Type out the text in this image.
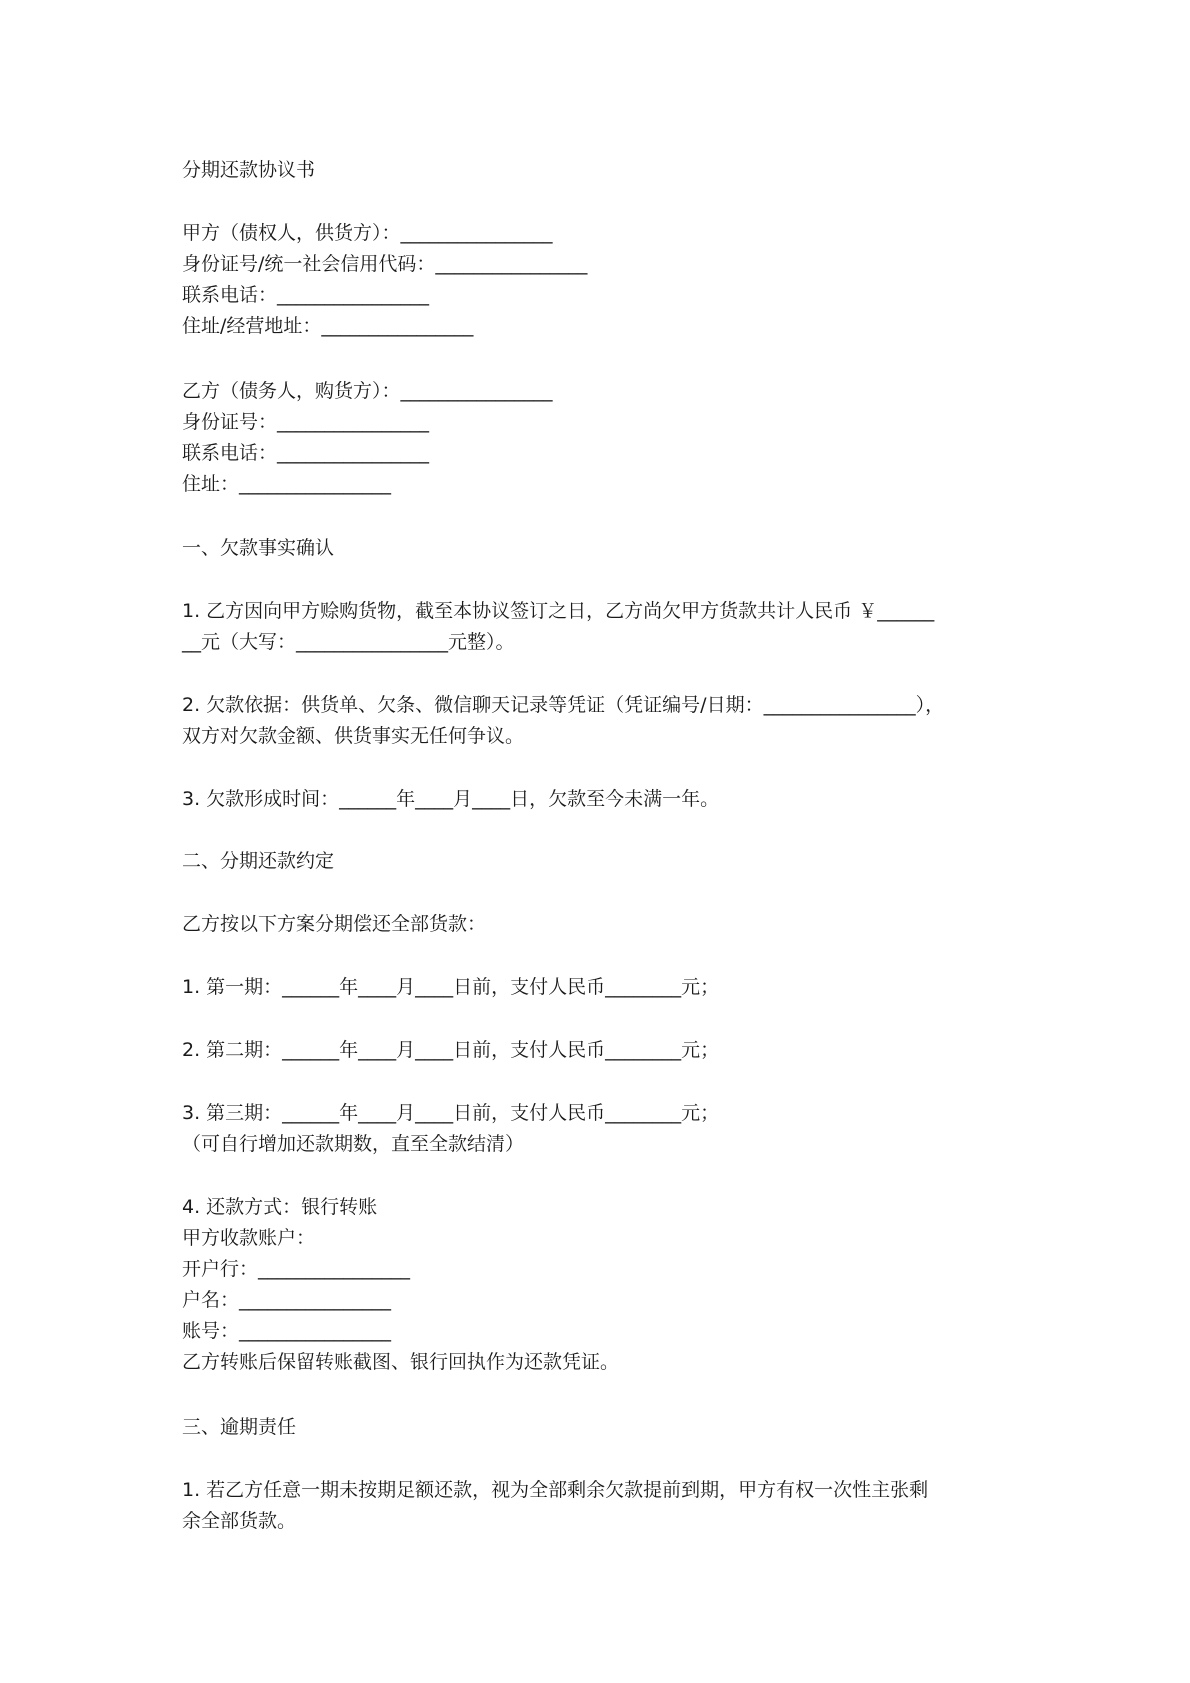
分期还款协议书
甲方（债权人，供货方）：________________
身份证号/统一社会信用代码：________________
联系电话：________________
住址/经营地址：________________
乙方（债务人，购货方）：________________
身份证号：________________
联系电话：________________
住址：________________
一、欠款事实确认
1. 乙方因向甲方赊购货物，截至本协议签订之日，乙方尚欠甲方货款共计人民币 ￥______
__元（大写：________________元整）。
2. 欠款依据：供货单、欠条、微信聊天记录等凭证（凭证编号/日期：________________），
双方对欠款金额、供货事实无任何争议。
3. 欠款形成时间：______年____月____日，欠款至今未满一年。
二、分期还款约定
乙方按以下方案分期偿还全部货款：
1. 第一期：______年____月____日前，支付人民币________元；
2. 第二期：______年____月____日前，支付人民币________元；
3. 第三期：______年____月____日前，支付人民币________元；
（可自行增加还款期数，直至全款结清）
4. 还款方式：银行转账
甲方收款账户：
开户行：________________
户名：________________
账号：________________
乙方转账后保留转账截图、银行回执作为还款凭证。
三、逾期责任
1. 若乙方任意一期未按期足额还款，视为全部剩余欠款提前到期，甲方有权一次性主张剩
余全部货款。
